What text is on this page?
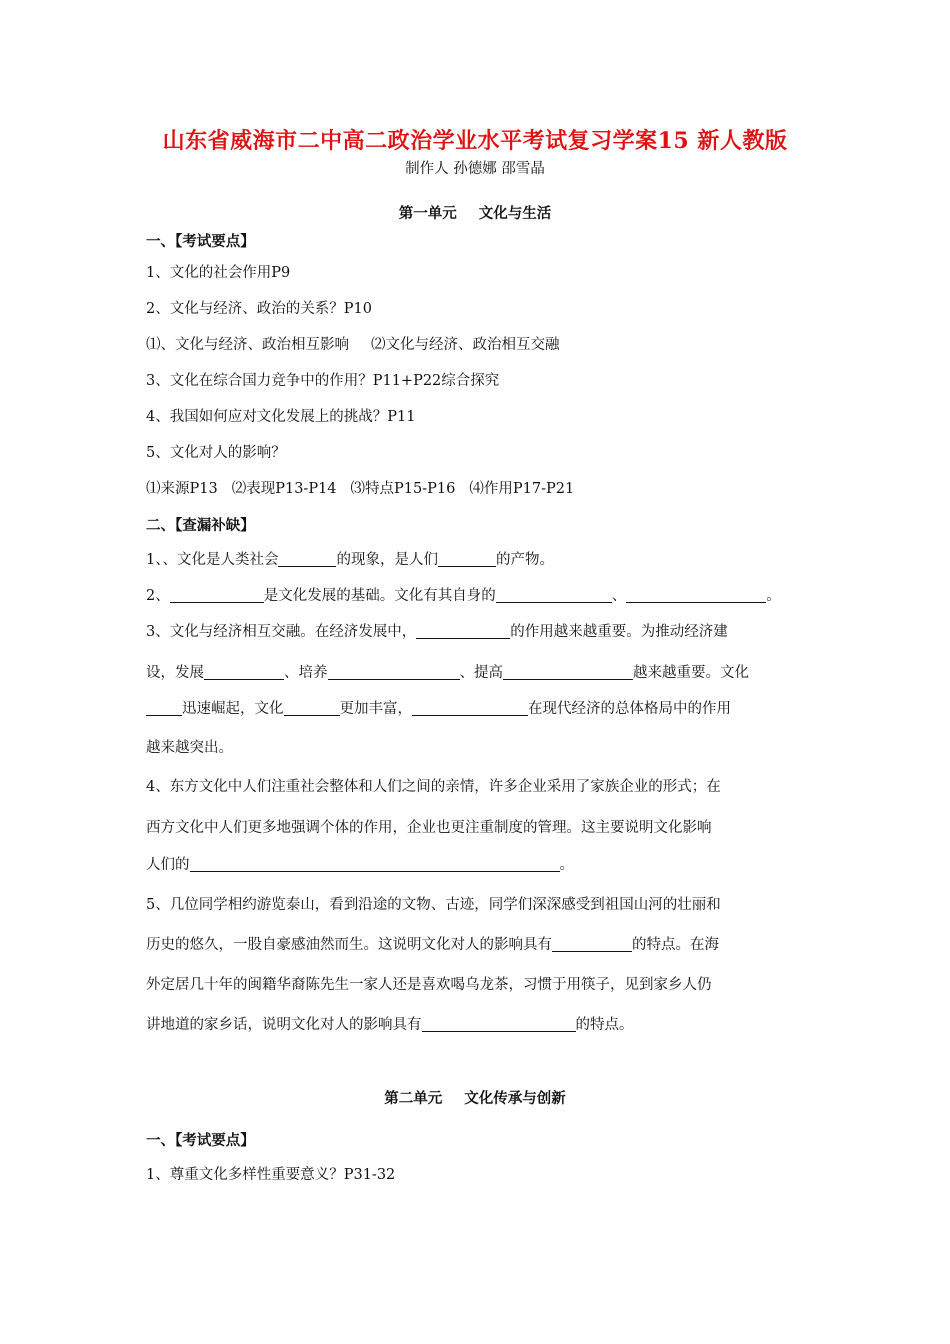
山东省威海市二中高二政治学业水平考试复习学案15 新人教版
制作人 孙德娜 邵雪晶
第一单元 文化与生活
一、【考试要点】
1、文化的社会作用P9
2、文化与经济、政治的关系？P10
⑴、文化与经济、政治相互影响 ⑵文化与经济、政治相互交融
3、文化在综合国力竞争中的作用？P11+P22综合探究
4、我国如何应对文化发展上的挑战？P11
5、文化对人的影响？
⑴来源P13 ⑵表现P13-P14 ⑶特点P15-P16 ⑷作用P17-P21
二、【查漏补缺】
1、、文化是人类社会	的现象，是人们	的产物。
2、	是文化发展的基础。文化有其自身的	、	。
3、文化与经济相互交融。在经济发展中，	的作用越来越重要。为推动经济建
设，发展	、培养	、提高	越来越重要。文化
迅速崛起，文化	更加丰富，	在现代经济的总体格局中的作用
越来越突出。
4、东方文化中人们注重社会整体和人们之间的亲情，许多企业采用了家族企业的形式；在
西方文化中人们更多地强调个体的作用，企业也更注重制度的管理。这主要说明文化影响
人们的	。
5、几位同学相约游览泰山，看到沿途的文物、古迹，同学们深深感受到祖国山河的壮丽和
历史的悠久，一股自豪感油然而生。这说明文化对人的影响具有	的特点。在海
外定居几十年的闽籍华裔陈先生一家人还是喜欢喝乌龙茶，习惯于用筷子，见到家乡人仍
讲地道的家乡话，说明文化对人的影响具有	的特点。
第二单元 文化传承与创新
一、【考试要点】
1、尊重文化多样性重要意义？P31-32
